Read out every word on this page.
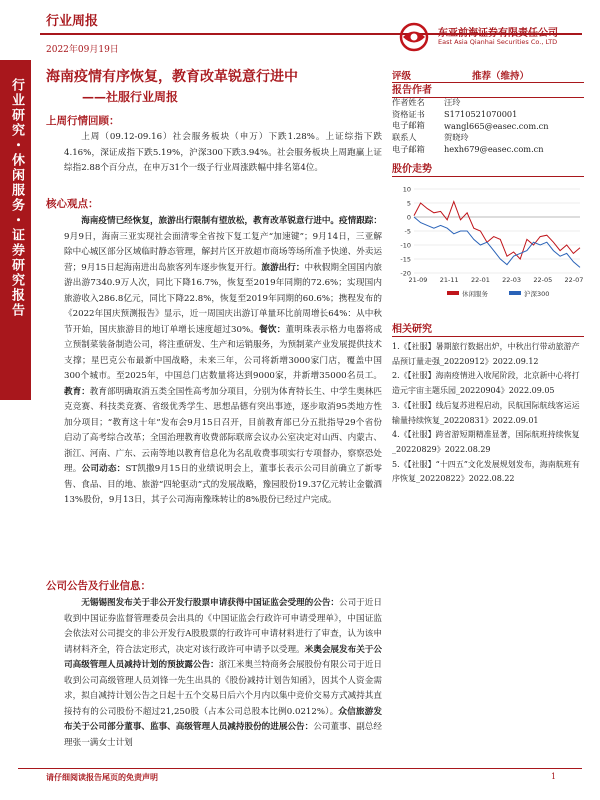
行业周报
2022年09月19日
东亚前海证券有限责任公司
East Asia Qianhai Securities Co., LTD
行业研究・休闲服务・证券研究报告
海南疫情有序恢复，教育改革锐意行进中
——社服行业周报
上周行情回顾：
上周（09.12-09.16）社会服务板块（申万）下跌1.28%。上证综指下跌4.16%，深证成指下跌5.19%，沪深300下跌3.94%。社会服务板块上周跑赢上证综指2.88个百分点，在申万31个一级子行业周涨跌幅中排名第4位。
核心观点：
海南疫情已经恢复，旅游出行限制有望放松，教育改革锐意行进中。疫情跟踪：9月9日，海南三亚实现社会面清零全省按下复工复产“加速键”；9月14日，三亚解除中心城区部分区域临时静态管理，解封片区开放超市商场等场所准予快递、外卖运营；9月15日起海南进出岛旅客列车逐步恢复开行。旅游出行：中秋假期全国国内旅游出游7340.9万人次，同比下降16.7%，恢复至2019年同期的72.6%；实现国内旅游收入286.8亿元，同比下降22.8%，恢复至2019年同期的60.6%；携程发布的《2022年国庆预测报告》显示，近一周国庆出游订单量环比前周增长64%：从中秋节开始，国庆旅游目的地订单增长速度超过30%。餐饮：董明珠表示格力电器将成立预制菜装备制造公司，将注重研发、生产和运销服务，为预制菜产业发展提供技术支撑；星巴克公布最新中国战略，未来三年，公司将新增3000家门店，覆盖中国300个城市。至2025年，中国总门店数量将达到9000家，并新增35000名员工。教育：教育部明确取消五类全国性高考加分项目，分别为体育特长生、中学生奥林匹克竞赛、科技类竞赛、省级优秀学生、思想品德有突出事迹，逐步取消95类地方性加分项目；“教育这十年”发布会9月15日召开，目前教育部已分五批指导29个省份启动了高考综合改革；全国治理教育收费部际联席会议办公室决定对山西、内蒙古、浙江、河南、广东、云南等地以教育信息化为名乱收费事项实行专项督办，察察恐处理。公司动态：ST凯撒9月15日的业绩说明会上，董事长表示公司目前确立了新零售、食品、目的地、旅游“四轮驱动”式的发展战略，豫园股份19.37亿元转让金徽酒13%股份，9月13日，其子公司海南豫珠转让的8%股份已经过户完成。
公司公告及行业信息：
无锡锡图发布关于非公开发行股票申请获得中国证监会受理的公告：公司于近日收到中国证券监督管理委员会出具的《中国证监会行政许可申请受理单》，中国证监会依法对公司提交的非公开发行A股股票的行政许可申请材料进行了审查，认为该申请材料齐全，符合法定形式，决定对该行政许可申请予以受理。米奥会展发布关于公司高级管理人员减持计划的预披露公告：浙江米奥兰特商务会展股份有限公司于近日收到公司高级管理人员刘锋一先生出具的《股份减持计划告知函》，因其个人资金需求，拟自减持计划公告之日起十五个交易日后六个月内以集中竞价交易方式减持其直接持有的公司股份不超过21,250股（占本公司总股本比例0.0212%）。众信旅游发布关于公司部分董事、监事、高级管理人员减持股份的进展公告：公司董事、副总经理张一满女士计划
评级	推荐（维持）
报告作者
作者姓名	汪玲
资格证书	S1710521070001
电子邮箱	wangl665@easec.com.cn
联系人	贺晓玲
电子邮箱	hexh679@easec.com.cn
股价走势
10
5
0
-5
-10
-15
-20
21-09 21-11 22-01 22-03 22-05 22-07
休闲服务	沪深300
相关研究
1.《【社服】暑期旅行数据出炉，中秋出行带动旅游产品预订量走强_20220912》2022.09.12
2.《【社服】海南疫情进入收尾阶段，北京新中心将打造元宇宙主题乐园_20220904》2022.09.05
3.《【社服】线后复苏进程启动，民航国际航线客运运输量持续恢复_20220831》2022.09.01
4.《【社服】跨省游短期精准显著，国际航班持续恢复_20220829》2022.08.29
5.《【社服】“十四五”文化发展规划发布，海南航班有序恢复_20220822》2022.08.22
请仔细阅读报告尾页的免责声明	1
